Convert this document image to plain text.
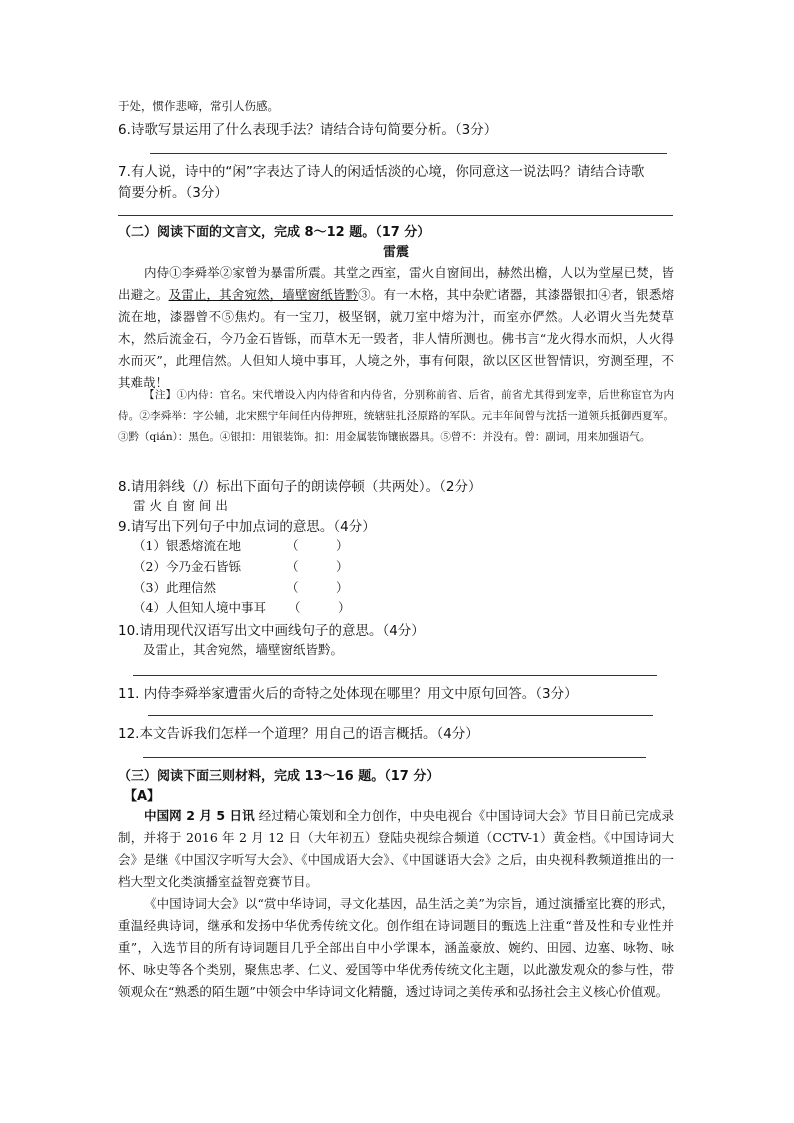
于处，惯作悲啼，常引人伤感。
6.诗歌写景运用了什么表现手法？请结合诗句简要分析。（3分）
7.有人说，诗中的“闲”字表达了诗人的闲适恬淡的心境，你同意这一说法吗？请结合诗歌
简要分析。（3分）
（二）阅读下面的文言文，完成 8～12 题。（17 分）
雷震
内侍①李舜举②家曾为暴雷所震。其堂之西室，雷火自窗间出，赫然出檐，人以为堂屋已焚，皆出避之。及雷止，其舍宛然，墙壁窗纸皆黔③。有一木格，其中杂贮诸器，其漆器银扣④者，银悉熔流在地，漆器曾不⑤焦灼。有一宝刀，极坚钢，就刀室中熔为汁，而室亦俨然。人必谓火当先焚草木，然后流金石，今乃金石皆铄，而草木无一毁者，非人情所测也。佛书言“龙火得水而炽，人火得水而灭”，此理信然。人但知人境中事耳，人境之外，事有何限，欲以区区世智情识，穷测至理，不其难哉！
【注】①内侍：官名。宋代增设入内内侍省和内侍省，分别称前省、后省，前省尤其得到宠幸，后世称宦官为内侍。②李舜举：字公辅，北宋熙宁年间任内侍押班，统辖驻扎泾原路的军队。元丰年间曾与沈括一道领兵抵御西夏军。③黔（qián）：黑色。④银扣：用银装饰。扣：用金属装饰镶嵌器具。⑤曾不：并没有。曾：副词，用来加强语气。
8.请用斜线（/）标出下面句子的朗读停顿（共两处）。（2分）
雷 火 自 窗 间 出
9.请写出下列句子中加点词的意思。（4分）
（1）银悉熔流在地	（　　　）
（2）今乃金石皆铄	（　　　）
（3）此理信然	（　　　）
（4）人但知人境中事耳 （　　　）
10.请用现代汉语写出文中画线句子的意思。（4分）
及雷止，其舍宛然，墙壁窗纸皆黔。
11. 内侍李舜举家遭雷火后的奇特之处体现在哪里？用文中原句回答。（3分）
12.本文告诉我们怎样一个道理？用自己的语言概括。（4分）
（三）阅读下面三则材料，完成 13～16 题。（17 分）
【A】
中国网 2 月 5 日讯 经过精心策划和全力创作，中央电视台《中国诗词大会》节目日前已完成录制，并将于 2016 年 2 月 12 日（大年初五）登陆央视综合频道（CCTV-1）黄金档。《中国诗词大会》是继《中国汉字听写大会》、《中国成语大会》、《中国谜语大会》之后，由央视科教频道推出的一档大型文化类演播室益智竞赛节目。
《中国诗词大会》以“赏中华诗词，寻文化基因，品生活之美”为宗旨，通过演播室比赛的形式，重温经典诗词，继承和发扬中华优秀传统文化。创作组在诗词题目的甄选上注重“普及性和专业性并重”，入选节目的所有诗词题目几乎全部出自中小学课本，涵盖豪放、婉约、田园、边塞、咏物、咏怀、咏史等各个类别，聚焦忠孝、仁义、爱国等中华优秀传统文化主题，以此激发观众的参与性，带领观众在“熟悉的陌生题”中领会中华诗词文化精髓，透过诗词之美传承和弘扬社会主义核心价值观。
